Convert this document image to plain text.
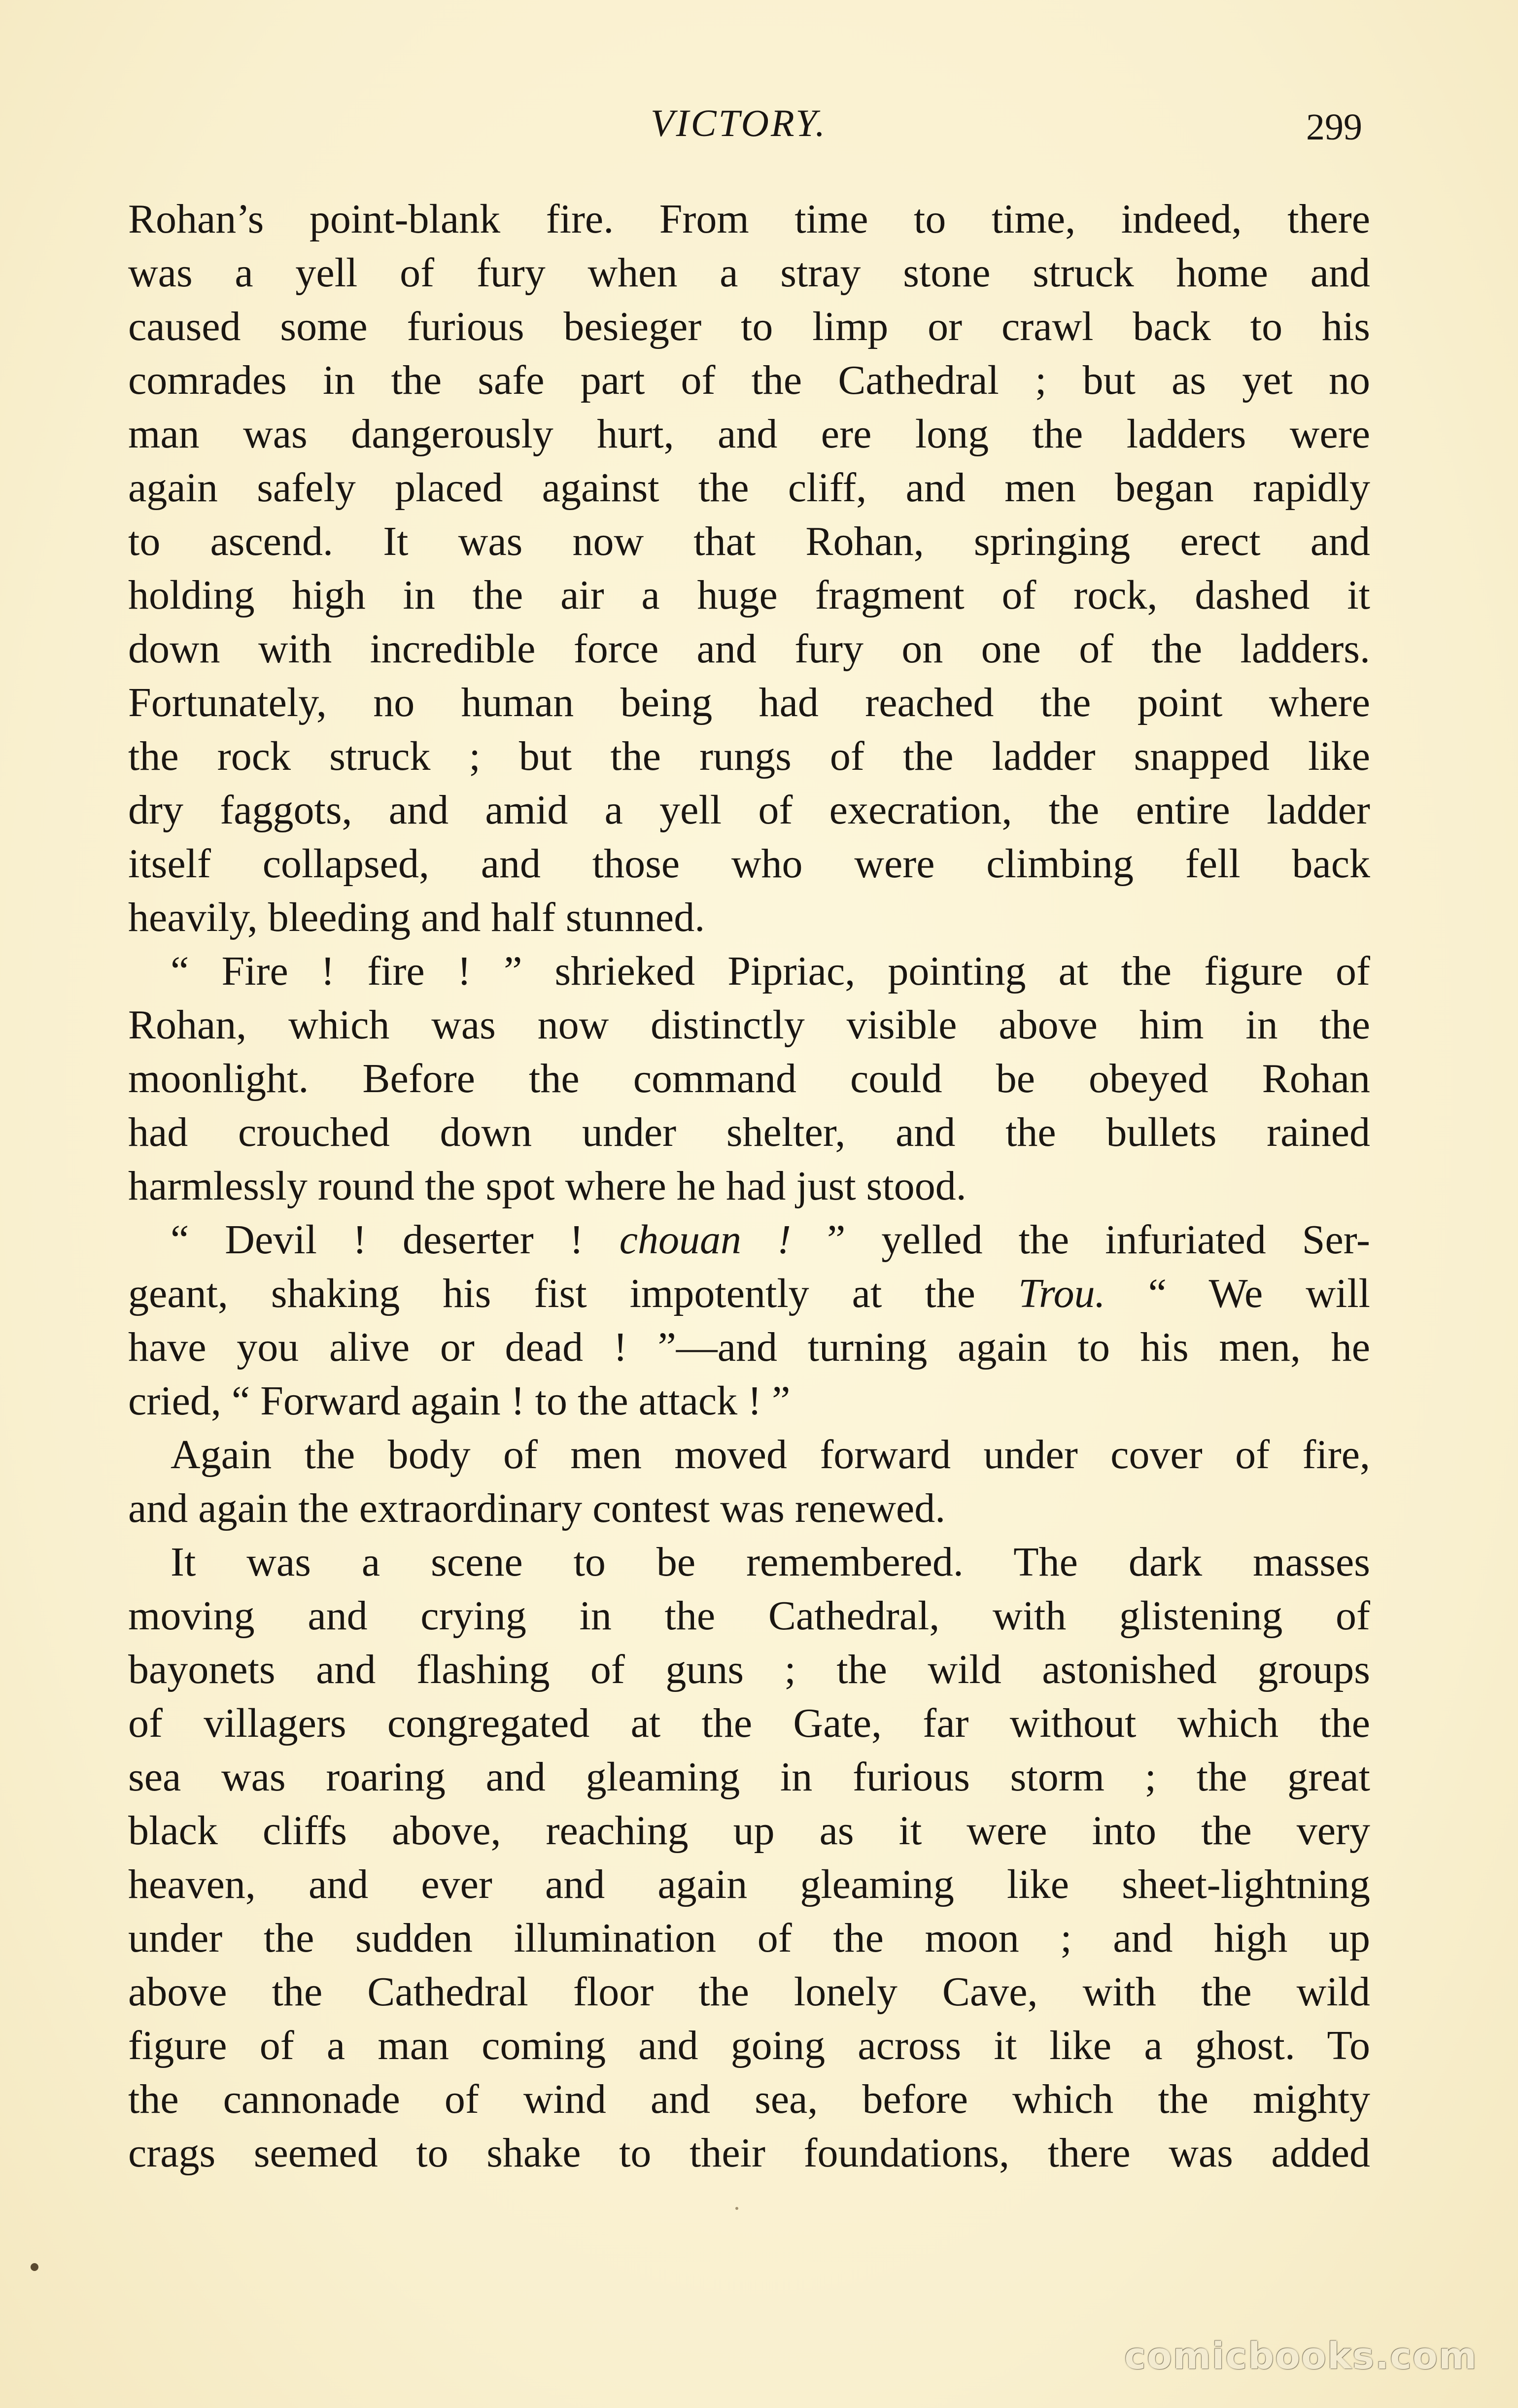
VICTORY.	299
Rohan’s point-blank fire. From time to time, indeed, there
was a yell of fury when a stray stone struck home and
caused some furious besieger to limp or crawl back to his
comrades in the safe part of the Cathedral ; but as yet no
man was dangerously hurt, and ere long the ladders were
again safely placed against the cliff, and men began rapidly
to ascend. It was now that Rohan, springing erect and
holding high in the air a huge fragment of rock, dashed it
down with incredible force and fury on one of the ladders.
Fortunately, no human being had reached the point where
the rock struck ; but the rungs of the ladder snapped like
dry faggots, and amid a yell of execration, the entire ladder
itself collapsed, and those who were climbing fell back
heavily, bleeding and half stunned.
“ Fire ! fire ! ” shrieked Pipriac, pointing at the figure of
Rohan, which was now distinctly visible above him in the
moonlight. Before the command could be obeyed Rohan
had crouched down under shelter, and the bullets rained
harmlessly round the spot where he had just stood.
“ Devil ! deserter ! chouan ! ” yelled the infuriated Ser-
geant, shaking his fist impotently at the Trou. “ We will
have you alive or dead ! ”—and turning again to his men, he
cried, “ Forward again ! to the attack ! ”
Again the body of men moved forward under cover of fire,
and again the extraordinary contest was renewed.
It was a scene to be remembered. The dark masses
moving and crying in the Cathedral, with glistening of
bayonets and flashing of guns ; the wild astonished groups
of villagers congregated at the Gate, far without which the
sea was roaring and gleaming in furious storm ; the great
black cliffs above, reaching up as it were into the very
heaven, and ever and again gleaming like sheet-lightning
under the sudden illumination of the moon ; and high up
above the Cathedral floor the lonely Cave, with the wild
figure of a man coming and going across it like a ghost. To
the cannonade of wind and sea, before which the mighty
crags seemed to shake to their foundations, there was added
comicbooks.com
